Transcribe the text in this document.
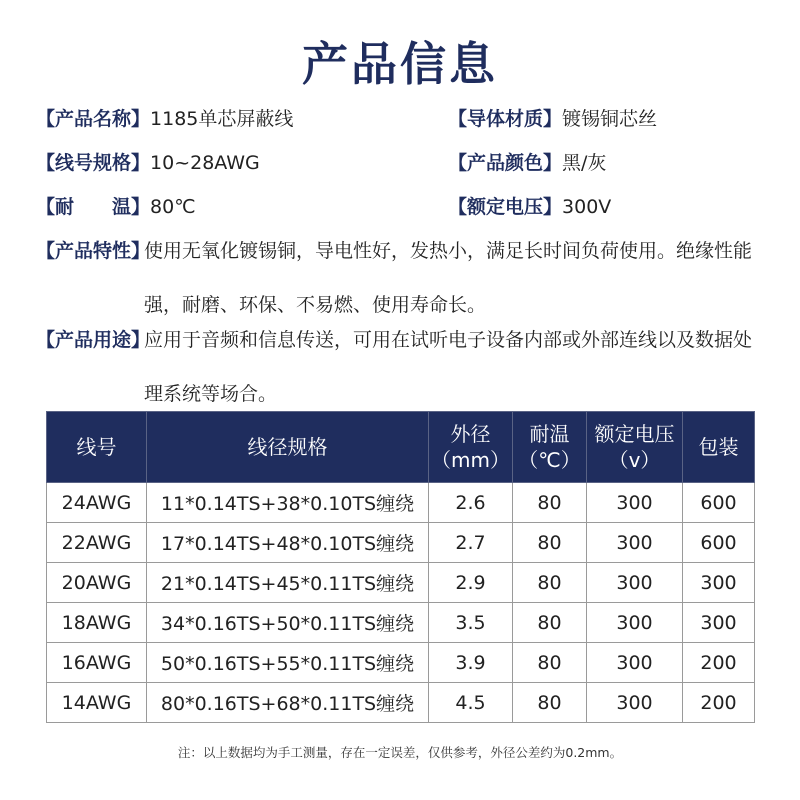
产品信息
【产品名称】1185单芯屏蔽线	【导体材质】镀锡铜芯丝
【线号规格】10~28AWG	【产品颜色】黑/灰
【耐　　温】80℃	【额定电压】300V
【产品特性】
使用无氧化镀锡铜，导电性好，发热小，满足长时间负荷使用。绝缘性能强，耐磨、环保、不易燃、使用寿命长。
【产品用途】
应用于音频和信息传送，可用在试听电子设备内部或外部连线以及数据处理系统等场合。
线号	线径规格	外径（mm）	耐温（℃）	额定电压（v）	包装
24AWG	11*0.14TS+38*0.10TS缠绕	2.6	80	300	600
22AWG	17*0.14TS+48*0.10TS缠绕	2.7	80	300	600
20AWG	21*0.14TS+45*0.11TS缠绕	2.9	80	300	300
18AWG	34*0.16TS+50*0.11TS缠绕	3.5	80	300	300
16AWG	50*0.16TS+55*0.11TS缠绕	3.9	80	300	200
14AWG	80*0.16TS+68*0.11TS缠绕	4.5	80	300	200
注：以上数据均为手工测量，存在一定误差，仅供参考，外径公差约为0.2mm。
